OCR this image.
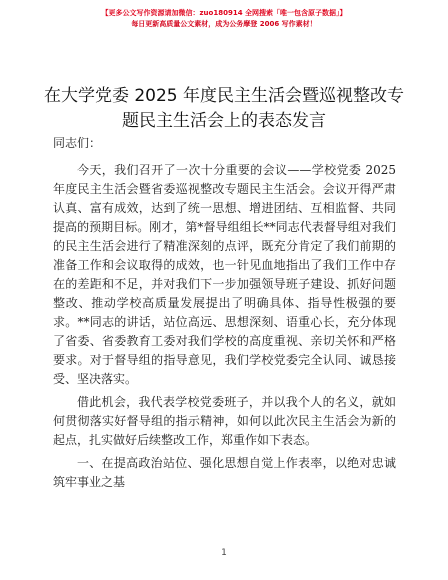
【更多公文写作资源请加微信：zuo180914 全网搜索「唯一包含原子数据」】
每日更新高质量公文素材，成为公务摩登 2006 写作素材！
在大学党委 2025 年度民主生活会暨巡视整改专题民主生活会上的表态发言

同志们：

今天，我们召开了一次十分重要的会议——学校党委 2025 年度民主生活会暨省委巡视整改专题民主生活会。会议开得严肃认真、富有成效，达到了统一思想、增进团结、互相监督、共同提高的预期目标。刚才，第*督导组组长**同志代表督导组对我们的民主生活会进行了精准深刻的点评，既充分肯定了我们前期的准备工作和会议取得的成效，也一针见血地指出了我们工作中存在的差距和不足，并对我们下一步加强领导班子建设、抓好问题整改、推动学校高质量发展提出了明确具体、指导性极强的要求。**同志的讲话，站位高远、思想深刻、语重心长，充分体现了省委、省委教育工委对我们学校的高度重视、亲切关怀和严格要求。对于督导组的指导意见，我们学校党委完全认同、诚恳接受、坚决落实。

借此机会，我代表学校党委班子，并以我个人的名义，就如何贯彻落实好督导组的指示精神，如何以此次民主生活会为新的起点，扎实做好后续整改工作，郑重作如下表态。

一、在提高政治站位、强化思想自觉上作表率，以绝对忠诚筑牢事业之基

1
